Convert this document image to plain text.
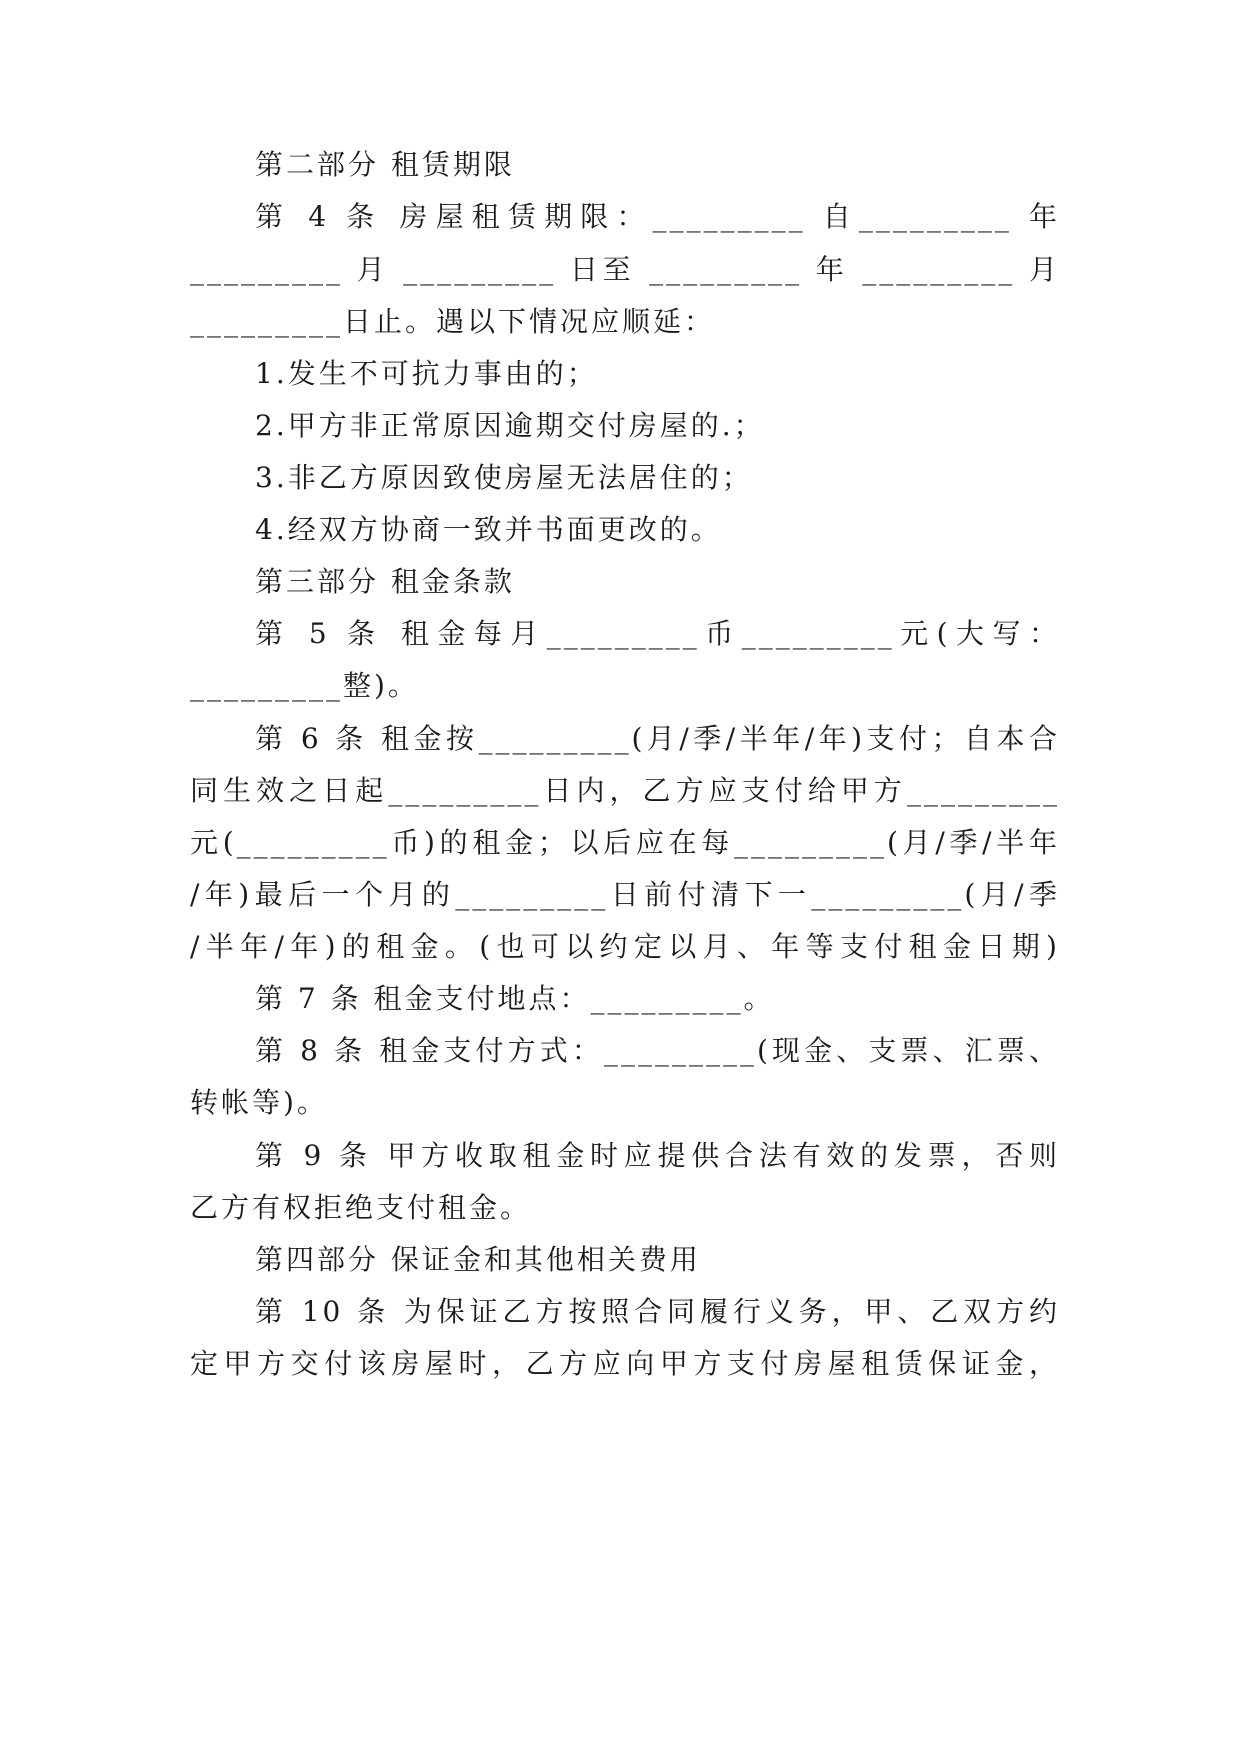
第二部分 租赁期限
第 4 条 房屋租赁期限：_________ 自_________ 年
_________ 月 _________ 日至 _________ 年 _________ 月
_________日止。遇以下情况应顺延：
1.发生不可抗力事由的；
2.甲方非正常原因逾期交付房屋的.；
3.非乙方原因致使房屋无法居住的；
4.经双方协商一致并书面更改的。
第三部分 租金条款
第 5 条 租金每月_________币_________元(大写：
_________整)。
第 6 条 租金按_________(月/季/半年/年)支付；自本合
同生效之日起_________日内，乙方应支付给甲方_________
元(_________币)的租金；以后应在每_________(月/季/半年
/年)最后一个月的_________日前付清下一_________(月/季
/半年/年)的租金。(也可以约定以月、年等支付租金日期)
第 7 条 租金支付地点：_________。
第 8 条 租金支付方式：_________(现金、支票、汇票、
转帐等)。
第 9 条 甲方收取租金时应提供合法有效的发票，否则
乙方有权拒绝支付租金。
第四部分 保证金和其他相关费用
第 10 条 为保证乙方按照合同履行义务，甲、乙双方约
定甲方交付该房屋时，乙方应向甲方支付房屋租赁保证金，
